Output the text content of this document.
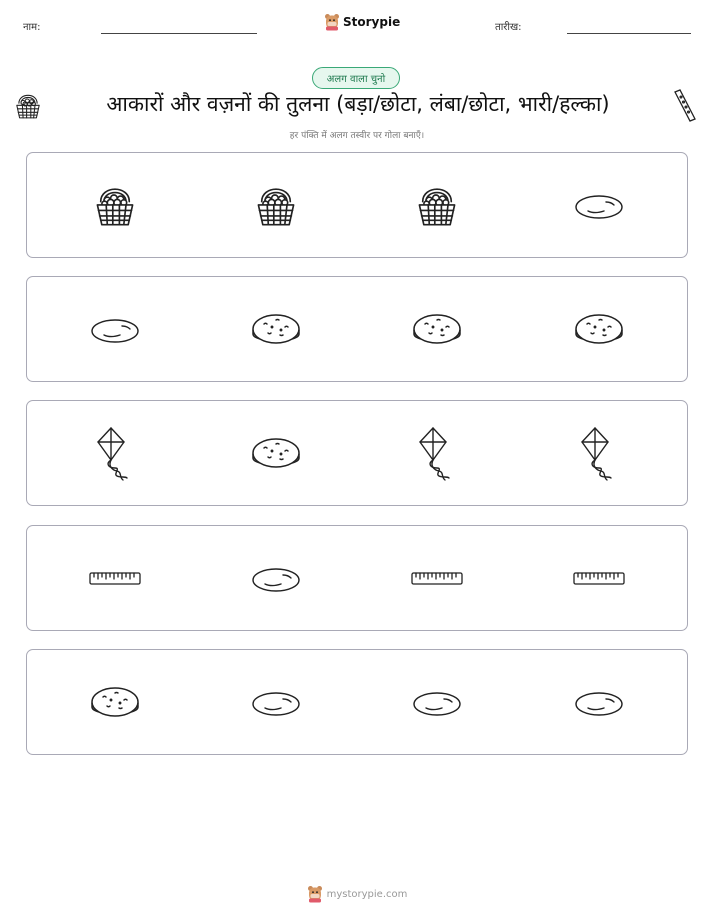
नाम:	Storypie	तारीख:
अलग वाला चुनो
आकारों और वज़नों की तुलना (बड़ा/छोटा, लंबा/छोटा, भारी/हल्का)
हर पंक्ति में अलग तस्वीर पर गोला बनाएँ।
mystorypie.com
